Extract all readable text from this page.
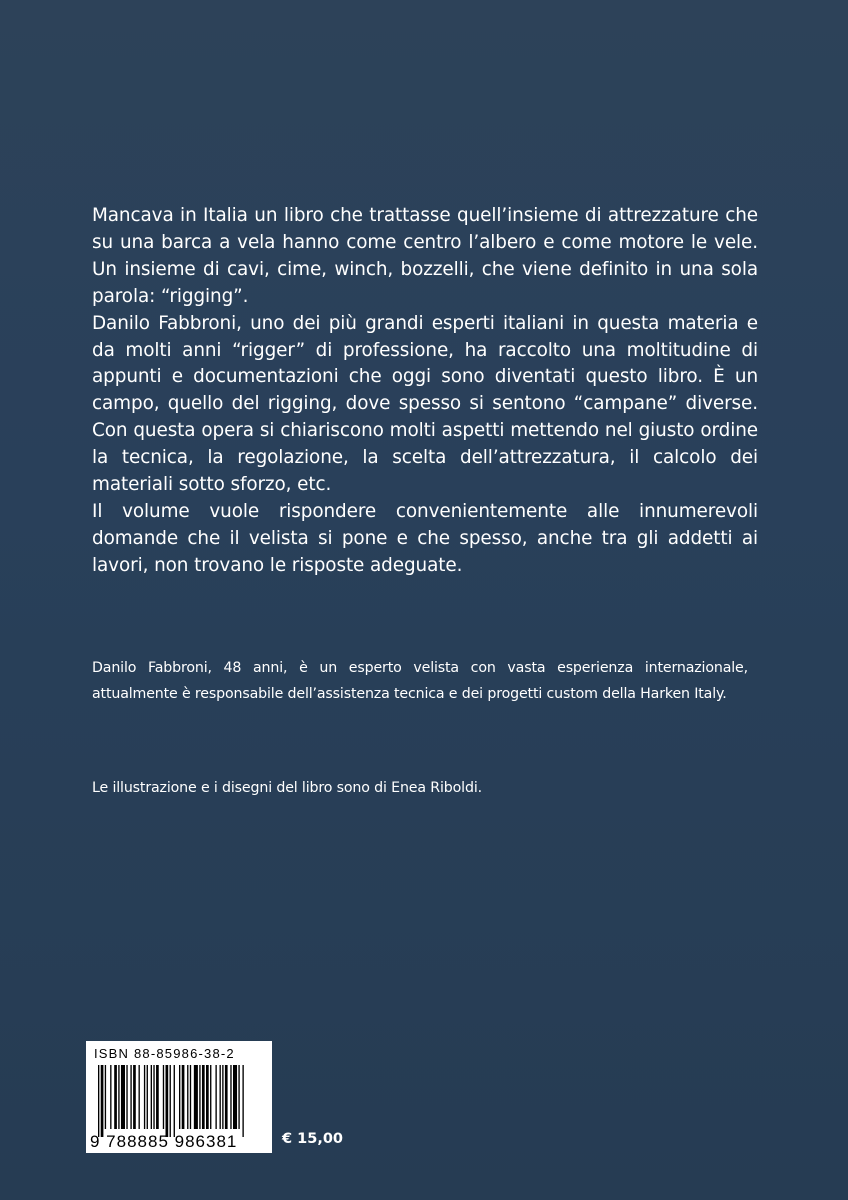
Mancava in Italia un libro che trattasse quell’insieme di attrezzature che su una barca a vela hanno come centro l’albero e come motore le vele. Un insieme di cavi, cime, winch, bozzelli, che viene definito in una sola parola: “rigging”.

Danilo Fabbroni, uno dei più grandi esperti italiani in questa materia e da molti anni “rigger” di professione, ha raccolto una moltitudine di appunti e documentazioni che oggi sono diventati questo libro. È un campo, quello del rigging, dove spesso si sentono “campane” diverse. Con questa opera si chiariscono molti aspetti mettendo nel giusto ordine la tecnica, la regolazione, la scelta dell’attrezzatura, il calcolo dei materiali sotto sforzo, etc.

Il volume vuole rispondere convenientemente alle innumerevoli domande che il velista si pone e che spesso, anche tra gli addetti ai lavori, non trovano le risposte adeguate.

Danilo Fabbroni, 48 anni, è un esperto velista con vasta esperienza internazionale, attualmente è responsabile dell’assistenza tecnica e dei progetti custom della Harken Italy.

Le illustrazione e i disegni del libro sono di Enea Riboldi.
ISBN 88-85986-38-2
9 788885 986381	€ 15,00
